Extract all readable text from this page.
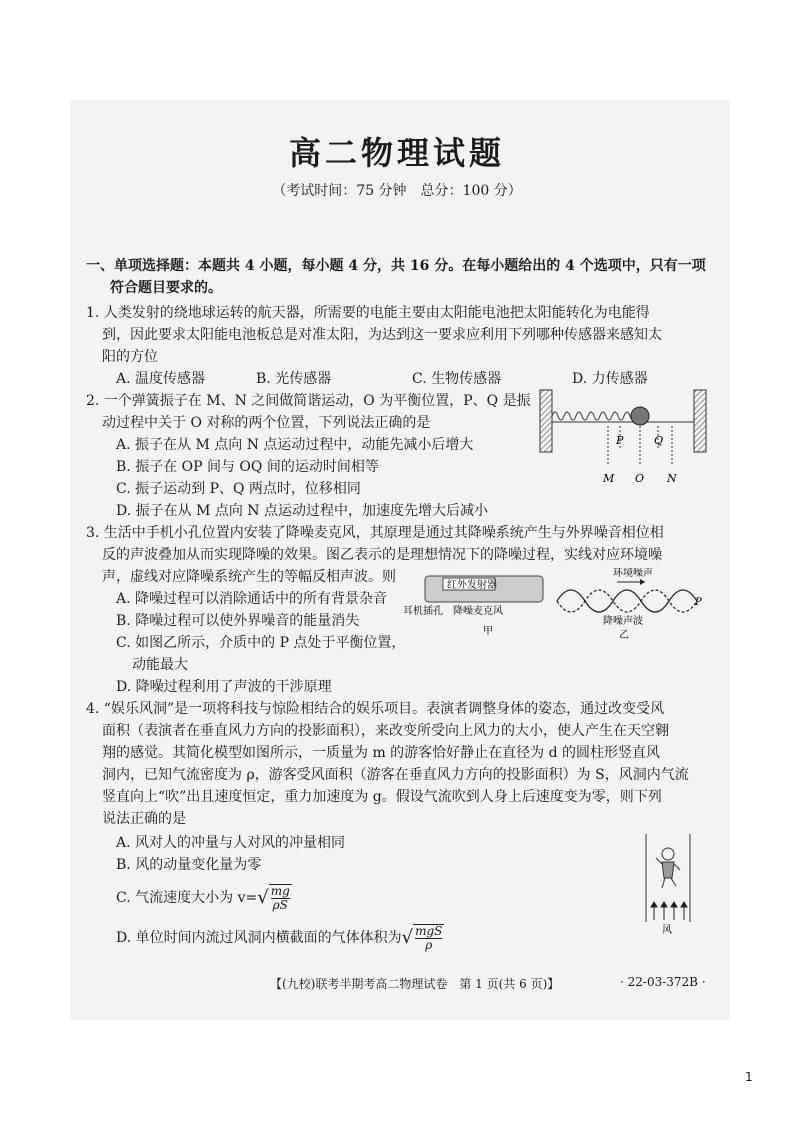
高二物理试题
（考试时间：75 分钟　总分：100 分）
一、单项选择题：本题共 4 小题，每小题 4 分，共 16 分。在每小题给出的 4 个选项中，只有一项
符合题目要求的。
1. 人类发射的绕地球运转的航天器，所需要的电能主要由太阳能电池把太阳能转化为电能得
到，因此要求太阳能电池板总是对准太阳，为达到这一要求应利用下列哪种传感器来感知太
阳的方位
A. 温度传感器	B. 光传感器	C. 生物传感器	D. 力传感器
2. 一个弹簧振子在 M、N 之间做简谐运动，O 为平衡位置，P、Q 是振
动过程中关于 O 对称的两个位置，下列说法正确的是
A. 振子在从 M 点向 N 点运动过程中，动能先减小后增大
B. 振子在 OP 间与 OQ 间的运动时间相等
C. 振子运动到 P、Q 两点时，位移相同
D. 振子在从 M 点向 N 点运动过程中，加速度先增大后减小
P	Q
M O N
3. 生活中手机小孔位置内安装了降噪麦克风，其原理是通过其降噪系统产生与外界噪音相位相
反的声波叠加从而实现降噪的效果。图乙表示的是理想情况下的降噪过程，实线对应环境噪
声，虚线对应降噪系统产生的等幅反相声波。则
A. 降噪过程可以消除通话中的所有背景杂音
B. 降噪过程可以使外界噪音的能量消失
C. 如图乙所示，介质中的 P 点处于平衡位置，
动能最大
D. 降噪过程利用了声波的干涉原理
红外发射器
耳机插孔 降噪麦克风
甲
环境噪声
降噪声波
乙
P
4. “娱乐风洞”是一项将科技与惊险相结合的娱乐项目。表演者调整身体的姿态，通过改变受风
面积（表演者在垂直风力方向的投影面积），来改变所受向上风力的大小，使人产生在天空翱
翔的感觉。其简化模型如图所示，一质量为 m 的游客恰好静止在直径为 d 的圆柱形竖直风
洞内，已知气流密度为 ρ，游客受风面积（游客在垂直风力方向的投影面积）为 S，风洞内气流
竖直向上“吹”出且速度恒定，重力加速度为 g。假设气流吹到人身上后速度变为零，则下列
说法正确的是
A. 风对人的冲量与人对风的冲量相同
B. 风的动量变化量为零
C. 气流速度大小为 v= √ mg
ρS
D. 单位时间内流过风洞内横截面的气体体积为 √ mgS
ρ
风
【(九校)联考半期考高二物理试卷　第 1 页(共 6 页)】	· 22-03-372B ·
1
